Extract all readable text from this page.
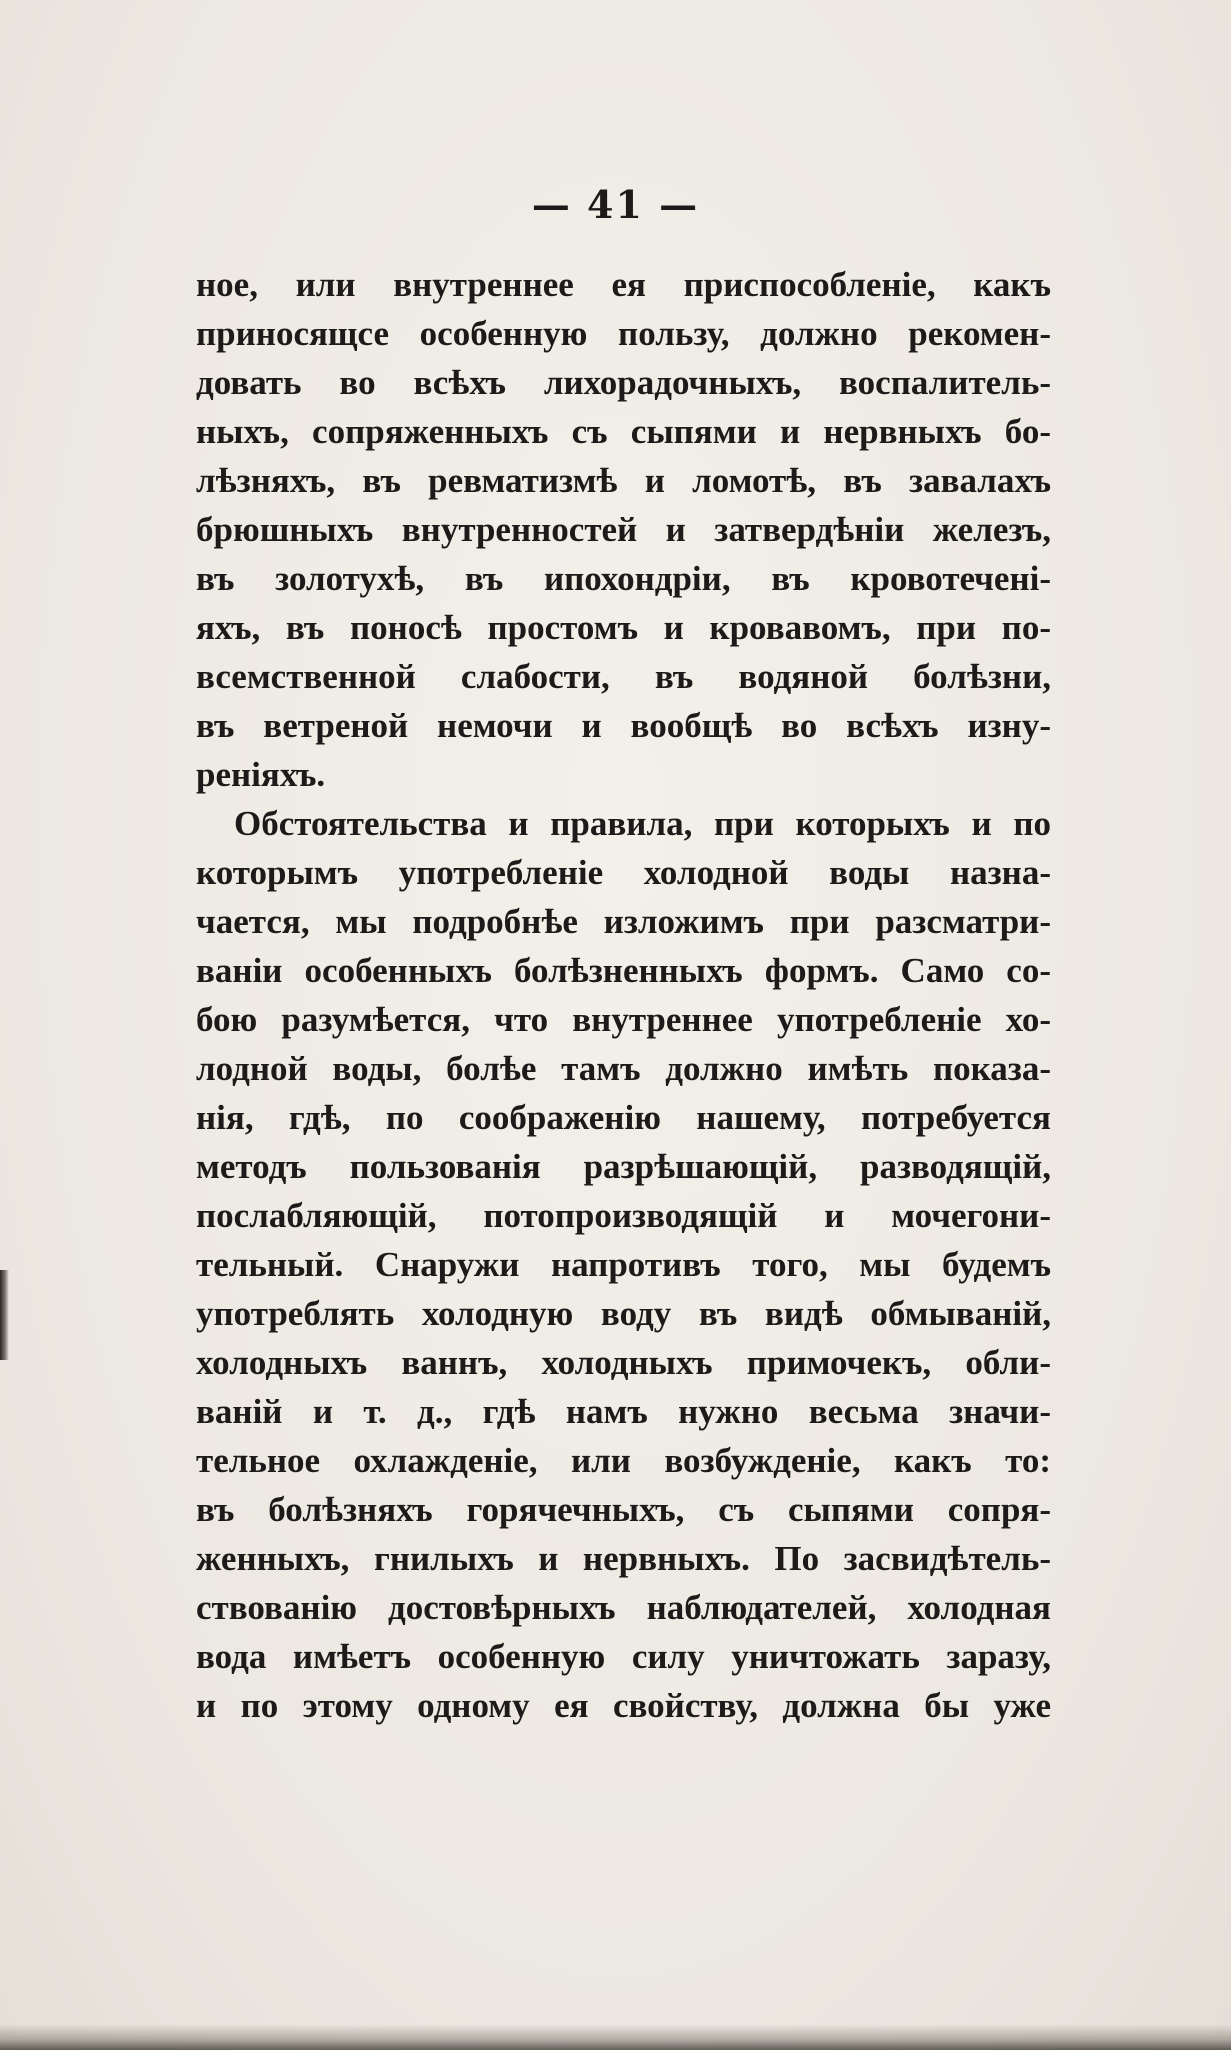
— 41 —
ное, или внутреннее ея приспособленіе, какъ
приносящсе особенную пользу, должно рекомен-
довать во всѣхъ лихорадочныхъ, воспалитель-
ныхъ, сопряженныхъ съ сыпями и нервныхъ бо-
лѣзняхъ, въ ревматизмѣ и ломотѣ, въ завалахъ
брюшныхъ внутренностей и затвердѣніи железъ,
въ золотухѣ, въ ипохондріи, въ кровотеченi-
яхъ, въ поносѣ простомъ и кровавомъ, при по-
всемственной слабости, въ водяной болѣзни,
въ ветреной немочи и вообщѣ во всѣхъ изну-
реніяхъ.
Обстоятельства и правила, при которыхъ и по
которымъ употребленіе холодной воды назна-
чается, мы подробнѣе изложимъ при разсматри-
ваніи особенныхъ болѣзненныхъ формъ. Само со-
бою разумѣется, что внутреннее употребленіе хо-
лодной воды, болѣе тамъ должно имѣть показа-
нія, гдѣ, по соображенію нашему, потребуется
методъ пользованія разрѣшающій, разводящій,
послабляющій, потопроизводящій и мочегони-
тельный. Снаружи напротивъ того, мы будемъ
употреблять холодную воду въ видѣ обмываній,
холодныхъ ваннъ, холодныхъ примочекъ, обли-
ваній и т. д., гдѣ намъ нужно весьма значи-
тельное охлажденіе, или возбужденіе, какъ то:
въ болѣзняхъ горячечныхъ, съ сыпями сопря-
женныхъ, гнилыхъ и нервныхъ. По засвидѣтель-
ствованію достовѣрныхъ наблюдателей, холодная
вода имѣетъ особенную силу уничтожать заразу,
и по этому одному ея свойству, должна бы уже
